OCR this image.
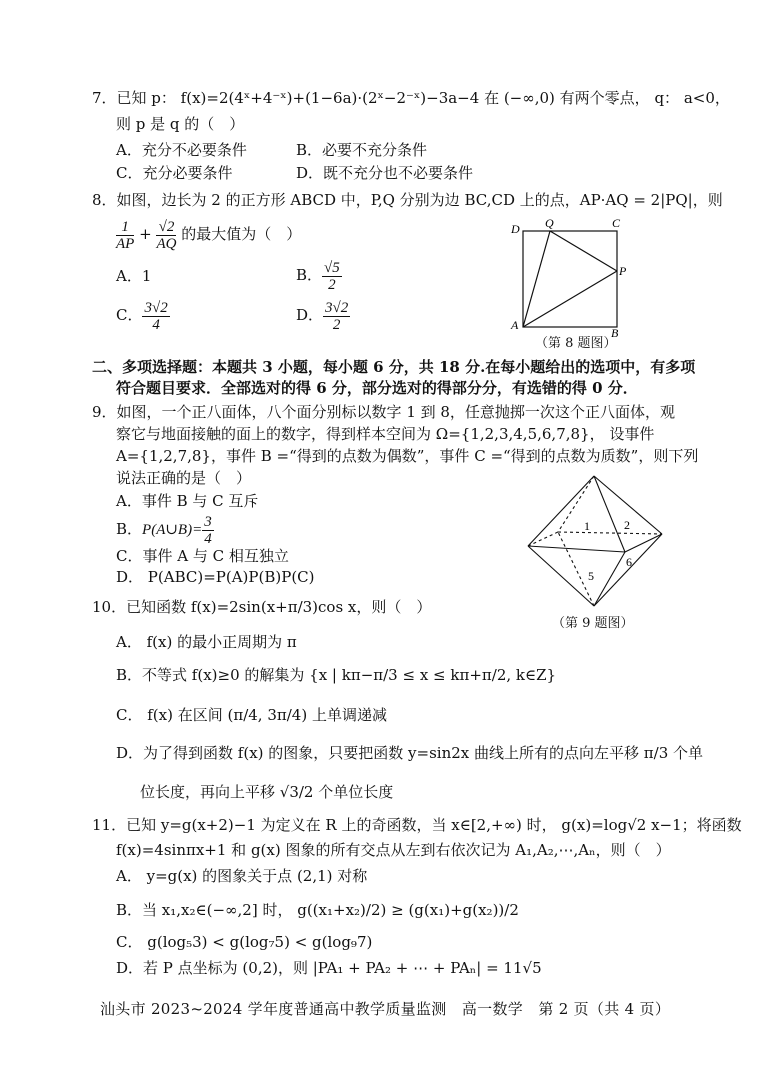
7．已知 p： f(x)=2(4ˣ+4⁻ˣ)+(1−6a)·(2ˣ−2⁻ˣ)−3a−4 在 (−∞,0) 有两个零点， q： a<0，
则 p 是 q 的（　）
A．充分不必要条件	B．必要不充分条件
C．充分必要条件	D．既不充分也不必要条件
8．如图，边长为 2 的正方形 ABCD 中，P,Q 分别为边 BC,CD 上的点，AP·AQ = 2|PQ|，则
$\frac{1}{AP} + \frac{√2}{AQ}$ 的最大值为（　）
A．1	B． $\frac{√5}{2}$
C． $\frac{3√2}{4}$	D． $\frac{3√2}{2}$
D Q	C
P
A
B
（第 8 题图）
二、多项选择题：本题共 3 小题，每小题 6 分，共 18 分.在每小题给出的选项中，有多项
符合题目要求．全部选对的得 6 分，部分选对的得部分分，有选错的得 0 分．
9．如图，一个正八面体，八个面分别标以数字 1 到 8，任意抛掷一次这个正八面体，观
察它与地面接触的面上的数字，得到样本空间为 Ω={1,2,3,4,5,6,7,8}， 设事件
A={1,2,7,8}，事件 B =“得到的点数为偶数”，事件 C =“得到的点数为质数”，则下列
说法正确的是（　）
A．事件 B 与 C 互斥
B．P(A∪B)= $\frac{3}{4}$
C．事件 A 与 C 相互独立
D． P(ABC)=P(A)P(B)P(C)
1	2
5
6
（第 9 题图）
10．已知函数 f(x)=2sin(x+π/3)cos x，则（　）
A． f(x) 的最小正周期为 π
B．不等式 f(x)≥0 的解集为 {x | kπ−π/3 ≤ x ≤ kπ+π/2, k∈Z}
C． f(x) 在区间 (π/4, 3π/4) 上单调递减
D．为了得到函数 f(x) 的图象，只要把函数 y=sin2x 曲线上所有的点向左平移 π/3 个单
位长度，再向上平移 √3/2 个单位长度
11．已知 y=g(x+2)−1 为定义在 R 上的奇函数，当 x∈[2,+∞) 时， g(x)=log√2 x−1；将函数
f(x)=4sinπx+1 和 g(x) 图象的所有交点从左到右依次记为 A₁,A₂,⋯,Aₙ，则（　）
A． y=g(x) 的图象关于点 (2,1) 对称
B．当 x₁,x₂∈(−∞,2] 时， g((x₁+x₂)/2) ≥ (g(x₁)+g(x₂))/2
C． g(log₅3) < g(log₇5) < g(log₉7)
D．若 P 点坐标为 (0,2)，则 |PA₁ + PA₂ + ⋯ + PAₙ| = 11√5
汕头市 2023~2024 学年度普通高中教学质量监测　高一数学　第 2 页（共 4 页）
